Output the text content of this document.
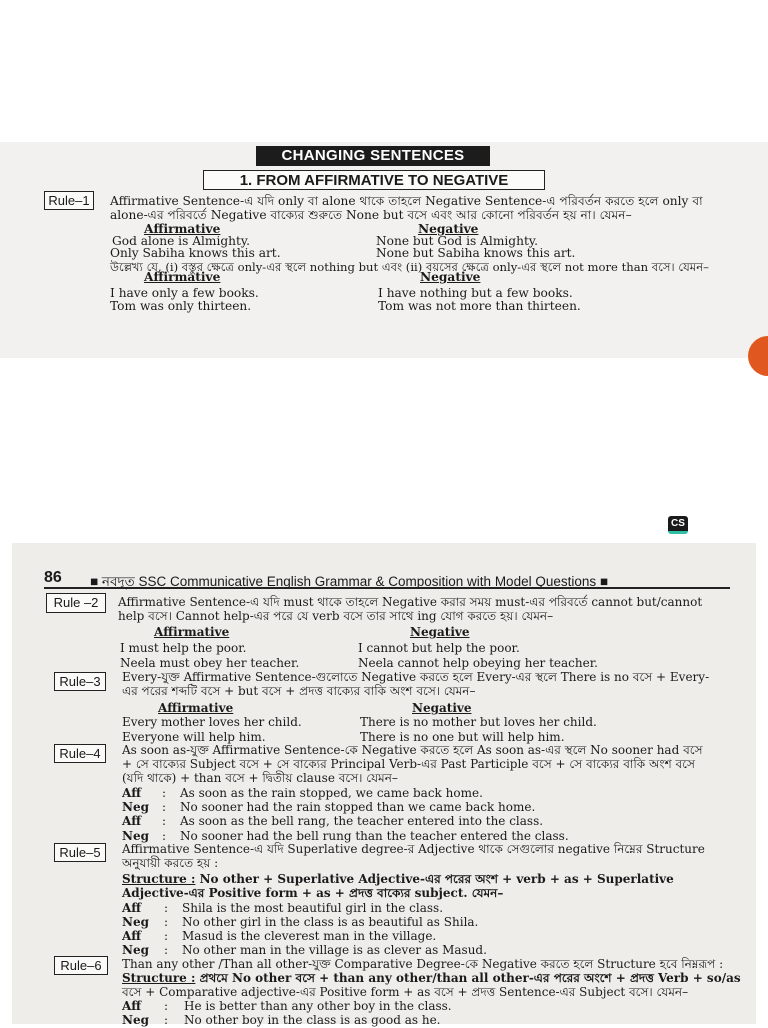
CHANGING SENTENCES
1. FROM AFFIRMATIVE TO NEGATIVE
Rule–1	Affirmative Sentence-এ যদি only বা alone থাকে তাহলে Negative Sentence-এ পরিবর্তন করতে হলে only বা
alone-এর পরিবর্তে Negative বাক্যের শুরুতে None but বসে এবং আর কোনো পরিবর্তন হয় না। যেমন–
Affirmative	Negative
God alone is Almighty.	None but God is Almighty.
Only Sabiha knows this art.	None but Sabiha knows this art.
উল্লেখ্য যে, (i) বস্তুর ক্ষেত্রে only-এর স্থলে nothing but এবং (ii) বয়সের ক্ষেত্রে only-এর স্থলে not more than বসে। যেমন–
Affirmative	Negative
I have only a few books.	I have nothing but a few books.
Tom was only thirteen.	Tom was not more than thirteen.
CS
86 ■ নবদূত SSC Communicative English Grammar & Composition with Model Questions ■
Rule –2	Affirmative Sentence-এ যদি must থাকে তাহলে Negative করার সময় must-এর পরিবর্তে cannot but/cannot
help বসে। Cannot help-এর পরে যে verb বসে তার সাথে ing যোগ করতে হয়। যেমন–
Affirmative	Negative
I must help the poor.	I cannot but help the poor.
Neela must obey her teacher.	Neela cannot help obeying her teacher.
Rule–3	Every-যুক্ত Affirmative Sentence-গুলোতে Negative করতে হলে Every-এর স্থলে There is no বসে + Every-
এর পরের শব্দটি বসে + but বসে + প্রদত্ত বাক্যের বাকি অংশ বসে। যেমন–
Affirmative	Negative
Every mother loves her child.	There is no mother but loves her child.
Everyone will help him.	There is no one but will help him.
Rule–4	As soon as-যুক্ত Affirmative Sentence-কে Negative করতে হলে As soon as-এর স্থলে No sooner had বসে
+ সে বাক্যের Subject বসে + সে বাক্যের Principal Verb-এর Past Participle বসে + সে বাক্যের বাকি অংশ বসে
(যদি থাকে) + than বসে + দ্বিতীয় clause বসে। যেমন–
Aff : As soon as the rain stopped, we came back home.
Neg : No sooner had the rain stopped than we came back home.
Aff : As soon as the bell rang, the teacher entered into the class.
Neg : No sooner had the bell rung than the teacher entered the class.
Rule–5	Affirmative Sentence-এ যদি Superlative degree-র Adjective থাকে সেগুলোর negative নিম্নের Structure
অনুযায়ী করতে হয় :
Structure : No other + Superlative Adjective-এর পরের অংশ + verb + as + Superlative
Adjective-এর Positive form + as + প্রদত্ত বাক্যের subject. যেমন–
Aff : Shila is the most beautiful girl in the class.
Neg : No other girl in the class is as beautiful as Shila.
Aff : Masud is the cleverest man in the village.
Neg : No other man in the village is as clever as Masud.
Rule–6	Than any other /Than all other-যুক্ত Comparative Degree-কে Negative করতে হলে Structure হবে নিম্নরূপ :
Structure : প্রথমে No other বসে + than any other/than all other-এর পরের অংশে + প্রদত্ত Verb + so/as
বসে + Comparative adjective-এর Positive form + as বসে + প্রদত্ত Sentence-এর Subject বসে। যেমন–
Aff : He is better than any other boy in the class.
Neg : No other boy in the class is as good as he.
